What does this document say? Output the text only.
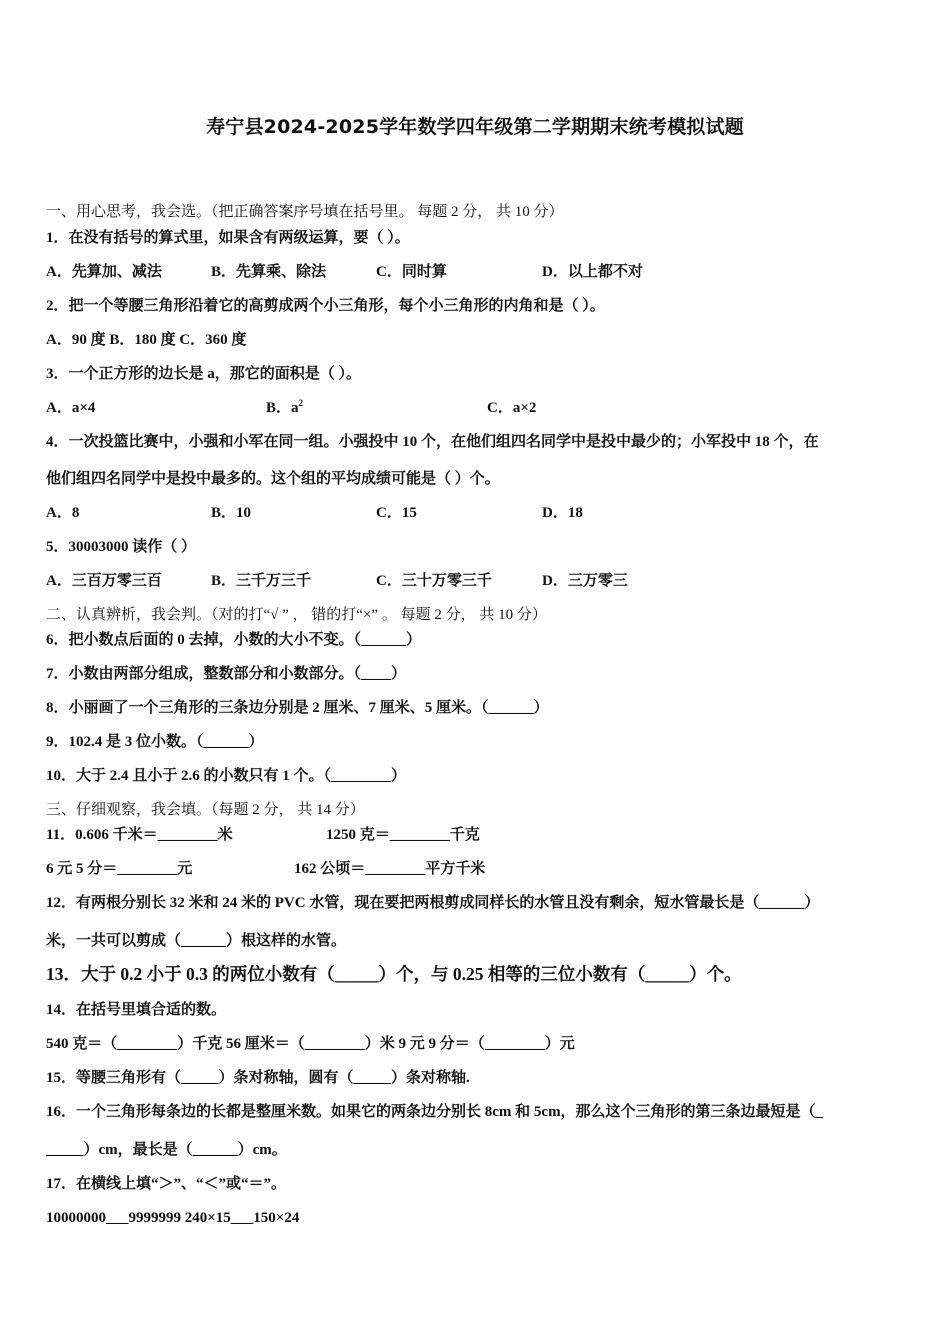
寿宁县2024-2025学年数学四年级第二学期期末统考模拟试题
一、用心思考，我会选。（把正确答案序号填在括号里。 每题 2 分， 共 10 分）
1．在没有括号的算式里，如果含有两级运算，要（ ）。
A．先算加、减法	B．先算乘、除法	C．同时算	D．以上都不对
2．把一个等腰三角形沿着它的高剪成两个小三角形，每个小三角形的内角和是（ ）。
A．90 度 B．180 度 C．360 度
3．一个正方形的边长是 a，那它的面积是（ ）。
A．a×4	B．$a^2$	C．a×2
4．一次投篮比赛中，小强和小军在同一组。小强投中 10 个，在他们组四名同学中是投中最少的；小军投中 18 个，在
他们组四名同学中是投中最多的。这个组的平均成绩可能是（ ）个。
A．8	B．10	C．15	D．18
5．30003000 读作（ ）
A．三百万零三百	B．三千万三千	C．三十万零三千	D．三万零三
二、认真辨析，我会判。（对的打“√ ” ， 错的打“×” 。 每题 2 分， 共 10 分）
6．把小数点后面的 0 去掉，小数的大小不变。（______）
7．小数由两部分组成，整数部分和小数部分。（____）
8．小丽画了一个三角形的三条边分别是 2 厘米、7 厘米、5 厘米。（______）
9．102.4 是 3 位小数。（______）
10．大于 2.4 且小于 2.6 的小数只有 1 个。（________）
三、仔细观察，我会填。（每题 2 分， 共 14 分）
11．0.606 千米＝________米	1250 克＝________千克
6 元 5 分＝________元	162 公顷＝________平方千米
12．有两根分别长 32 米和 24 米的 PVC 水管，现在要把两根剪成同样长的水管且没有剩余，短水管最长是（______）
米，一共可以剪成（______）根这样的水管。
13．大于 0.2 小于 0.3 的两位小数有（_____）个，与 0.25 相等的三位小数有（_____）个。
14．在括号里填合适的数。
540 克＝（________）千克 56 厘米＝（________）米 9 元 9 分＝（________）元
15．等腰三角形有（_____）条对称轴，圆有（_____）条对称轴.
16．一个三角形每条边的长都是整厘米数。如果它的两条边分别长 8cm 和 5cm，那么这个三角形的第三条边最短是（_
_____）cm，最长是（______）cm。
17．在横线上填“＞”、“＜”或“＝”。
10000000___9999999 240×15___150×24
